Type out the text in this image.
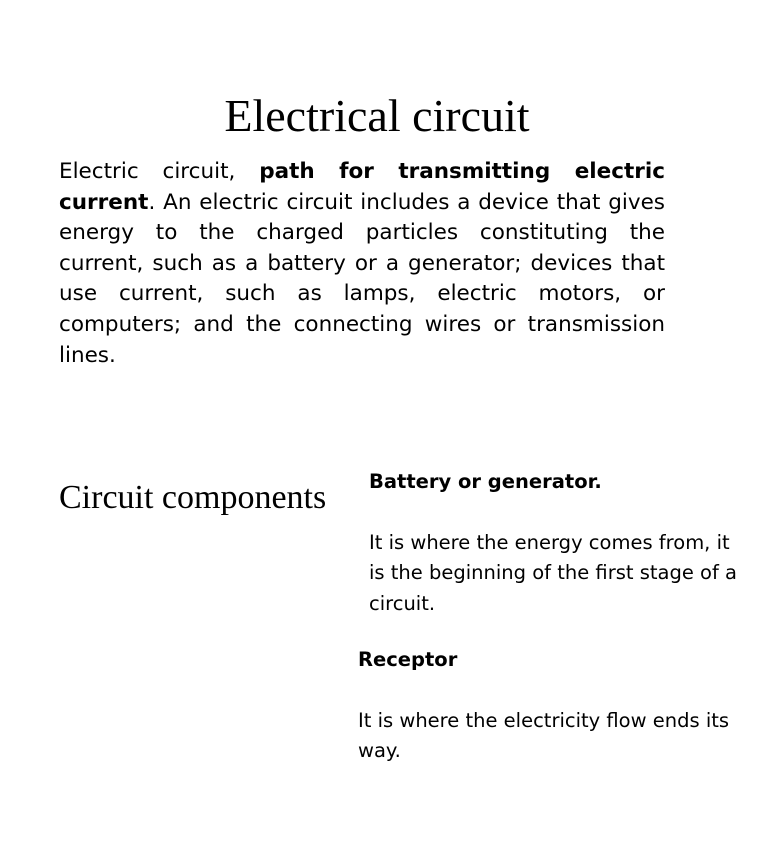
Electrical circuit

Electric circuit, path for transmitting electric current. An electric circuit includes a device that gives energy to the charged particles constituting the current, such as a battery or a generator; devices that use current, such as lamps, electric motors, or computers; and the connecting wires or transmission lines.

Circuit components Battery or generator.

It is where the energy comes from, it is the beginning of the first stage of a circuit.

Receptor

It is where the electricity flow ends its way.
